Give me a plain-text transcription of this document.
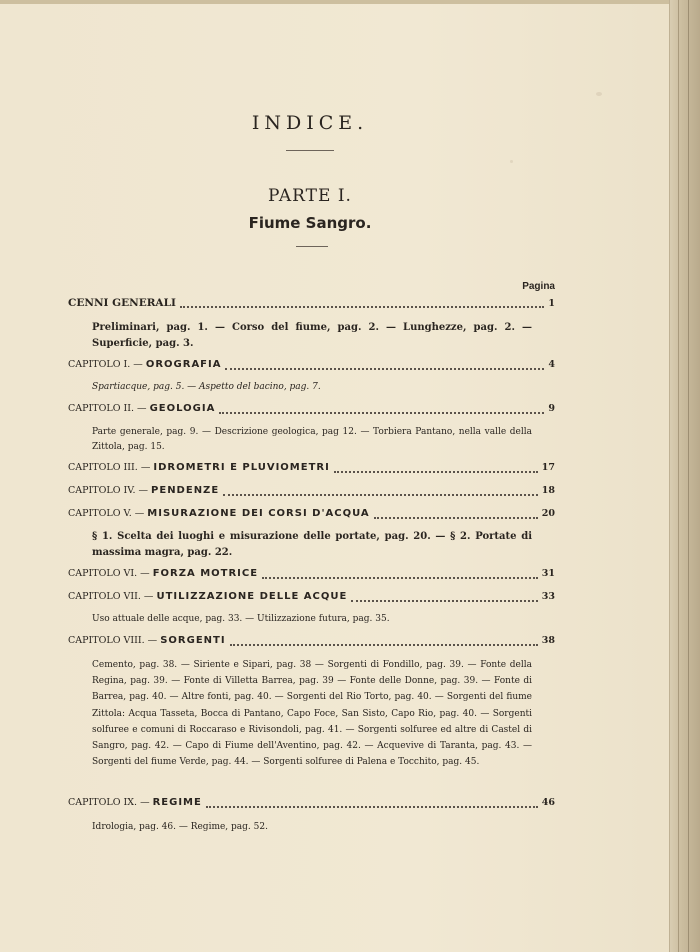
INDICE.
PARTE I.
Fiume Sangro.
Pagina
CENNI GENERALI	1
Preliminari, pag. 1. — Corso del fiume, pag. 2. — Lunghezze, pag. 2. — Superficie, pag. 3.
CAPITOLO I. — OROGRAFIA	4
Spartiacque, pag. 5. — Aspetto del bacino, pag. 7.
CAPITOLO II. — GEOLOGIA	9
Parte generale, pag. 9. — Descrizione geologica, pag 12. — Torbiera Pantano, nella valle della Zittola, pag. 15.
CAPITOLO III. — IDROMETRI E PLUVIOMETRI	17
CAPITOLO IV. — PENDENZE	18
CAPITOLO V. — MISURAZIONE DEI CORSI D'ACQUA	20
§ 1. Scelta dei luoghi e misurazione delle portate, pag. 20. — § 2. Portate di massima magra, pag. 22.
CAPITOLO VI. — FORZA MOTRICE	31
CAPITOLO VII. — UTILIZZAZIONE DELLE ACQUE	33
Uso attuale delle acque, pag. 33. — Utilizzazione futura, pag. 35.
CAPITOLO VIII. — SORGENTI	38
Cemento, pag. 38. — Siriente e Sipari, pag. 38 — Sorgenti di Fondillo, pag. 39. — Fonte della Regina, pag. 39. — Fonte di Villetta Barrea, pag. 39 — Fonte delle Donne, pag. 39. — Fonte di Barrea, pag. 40. — Altre fonti, pag. 40. — Sorgenti del Rio Torto, pag. 40. — Sorgenti del fiume Zittola: Acqua Tasseta, Bocca di Pantano, Capo Foce, San Sisto, Capo Rio, pag. 40. — Sorgenti solfuree e comuni di Roccaraso e Rivisondoli, pag. 41. — Sorgenti solfuree ed altre di Castel di Sangro, pag. 42. — Capo di Fiume dell'Aventino, pag. 42. — Acquevive di Taranta, pag. 43. — Sorgenti del fiume Verde, pag. 44. — Sorgenti solfuree di Palena e Tocchito, pag. 45.
CAPITOLO IX. — REGIME	46
Idrologia, pag. 46. — Regime, pag. 52.
